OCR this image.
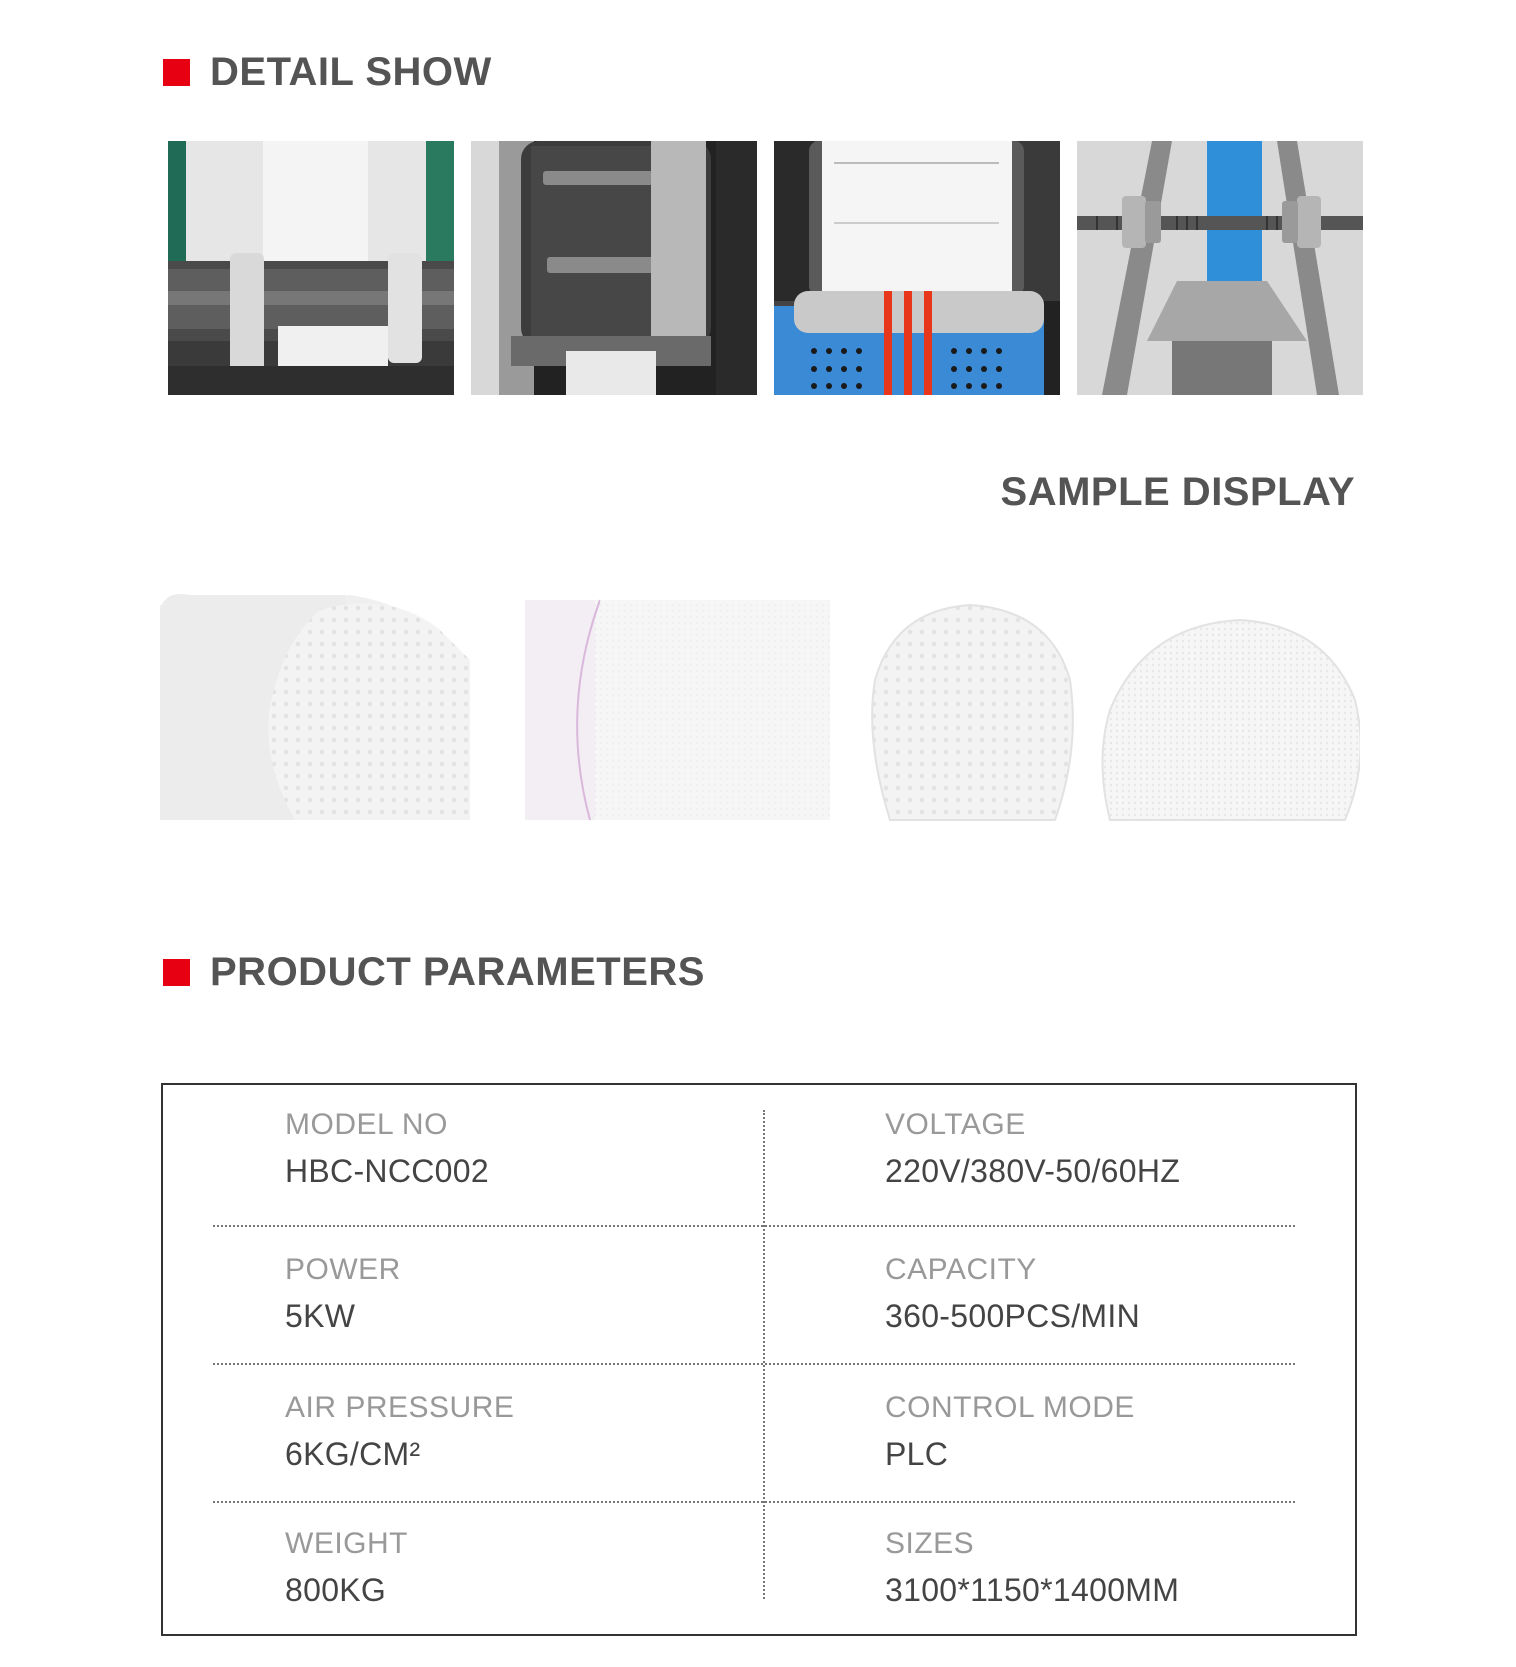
DETAIL SHOW
SAMPLE DISPLAY
PRODUCT PARAMETERS
MODEL NO
HBC-NCC002
VOLTAGE
220V/380V-50/60HZ
POWER
5KW
CAPACITY
360-500PCS/MIN
AIR PRESSURE
6KG/CM²
CONTROL MODE
PLC
WEIGHT
800KG
SIZES
3100*1150*1400MM
